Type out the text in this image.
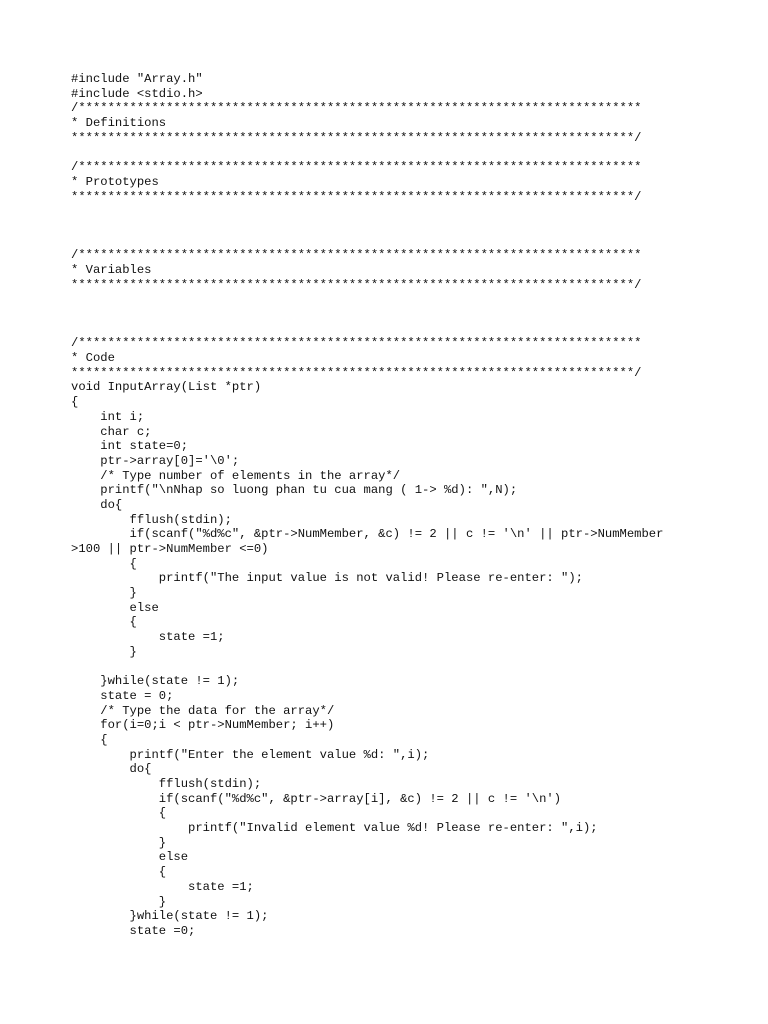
#include "Array.h"
#include <stdio.h>
/*****************************************************************************
* Definitions
*****************************************************************************/
/*****************************************************************************
* Prototypes
*****************************************************************************/
/*****************************************************************************
* Variables
*****************************************************************************/
/*****************************************************************************
* Code
*****************************************************************************/
void InputArray(List *ptr)
{
int i;
char c;
int state=0;
ptr->array[0]='\0';
/* Type number of elements in the array*/
printf("\nNhap so luong phan tu cua mang ( 1-> %d): ",N);
do{
fflush(stdin);
if(scanf("%d%c", &ptr->NumMember, &c) != 2 || c != '\n' || ptr->NumMember
>100 || ptr->NumMember <=0)
{
printf("The input value is not valid! Please re-enter: ");
}
else
{
state =1;
}
}while(state != 1);
state = 0;
/* Type the data for the array*/
for(i=0;i < ptr->NumMember; i++)
{
printf("Enter the element value %d: ",i);
do{
fflush(stdin);
if(scanf("%d%c", &ptr->array[i], &c) != 2 || c != '\n')
{
printf("Invalid element value %d! Please re-enter: ",i);
}
else
{
state =1;
}
}while(state != 1);
state =0;
